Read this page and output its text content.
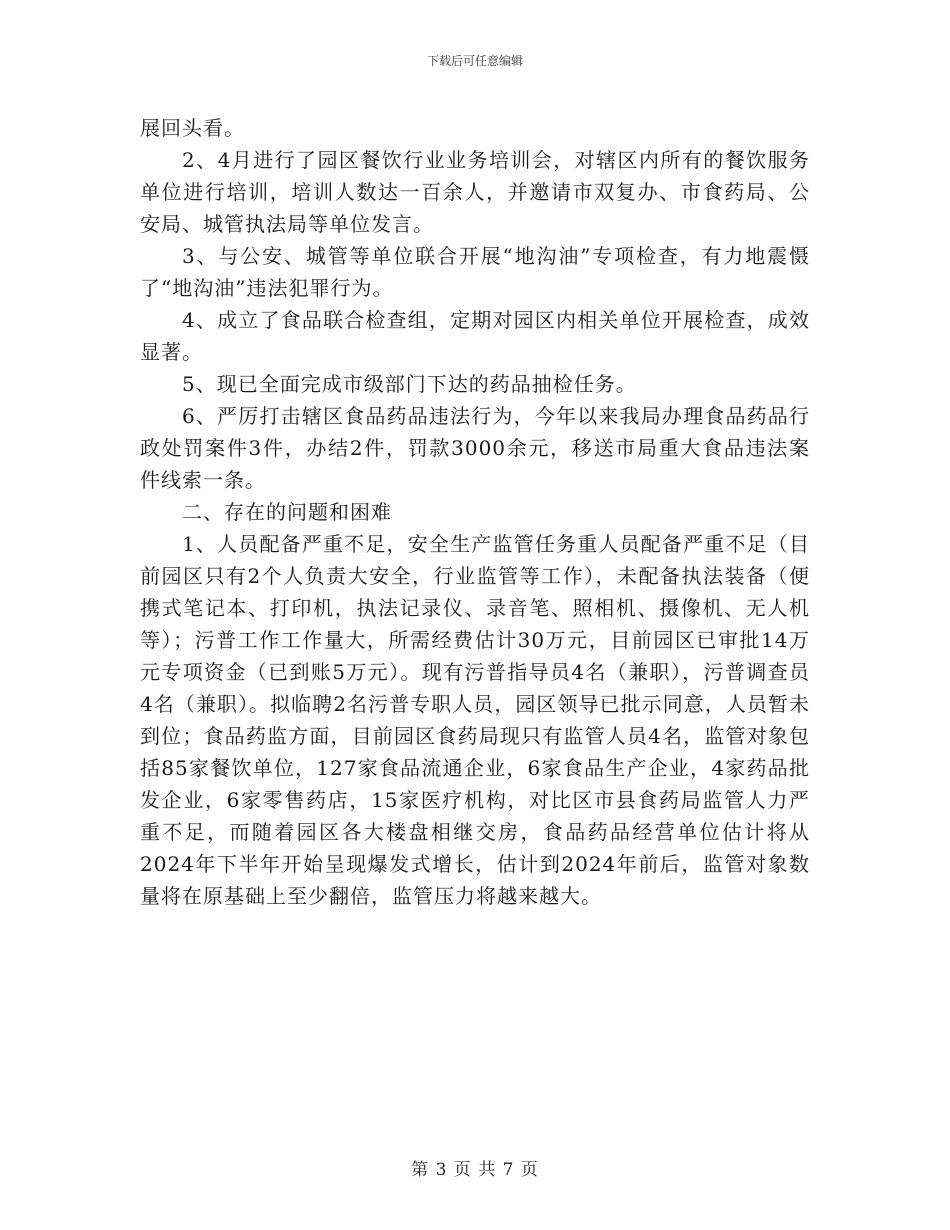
下载后可任意编辑

展回头看。

2、4月进行了园区餐饮行业业务培训会，对辖区内所有的餐饮服务单位进行培训，培训人数达一百余人，并邀请市双复办、市食药局、公安局、城管执法局等单位发言。

3、与公安、城管等单位联合开展“地沟油”专项检查，有力地震慑了“地沟油”违法犯罪行为。

4、成立了食品联合检查组，定期对园区内相关单位开展检查，成效显著。

5、现已全面完成市级部门下达的药品抽检任务。

6、严厉打击辖区食品药品违法行为，今年以来我局办理食品药品行政处罚案件3件，办结2件，罚款3000余元，移送市局重大食品违法案件线索一条。

二、存在的问题和困难

1、人员配备严重不足，安全生产监管任务重人员配备严重不足（目前园区只有2个人负责大安全，行业监管等工作），未配备执法装备（便携式笔记本、打印机，执法记录仪、录音笔、照相机、摄像机、无人机等）；污普工作工作量大，所需经费估计30万元，目前园区已审批14万元专项资金（已到账5万元）。现有污普指导员4名（兼职），污普调查员4名（兼职）。拟临聘2名污普专职人员，园区领导已批示同意，人员暂未到位；食品药监方面，目前园区食药局现只有监管人员4名，监管对象包括85家餐饮单位，127家食品流通企业，6家食品生产企业，4家药品批发企业，6家零售药店，15家医疗机构，对比区市县食药局监管人力严重不足，而随着园区各大楼盘相继交房，食品药品经营单位估计将从2024年下半年开始呈现爆发式增长，估计到2024年前后，监管对象数量将在原基础上至少翻倍，监管压力将越来越大。

第 3 页 共 7 页
